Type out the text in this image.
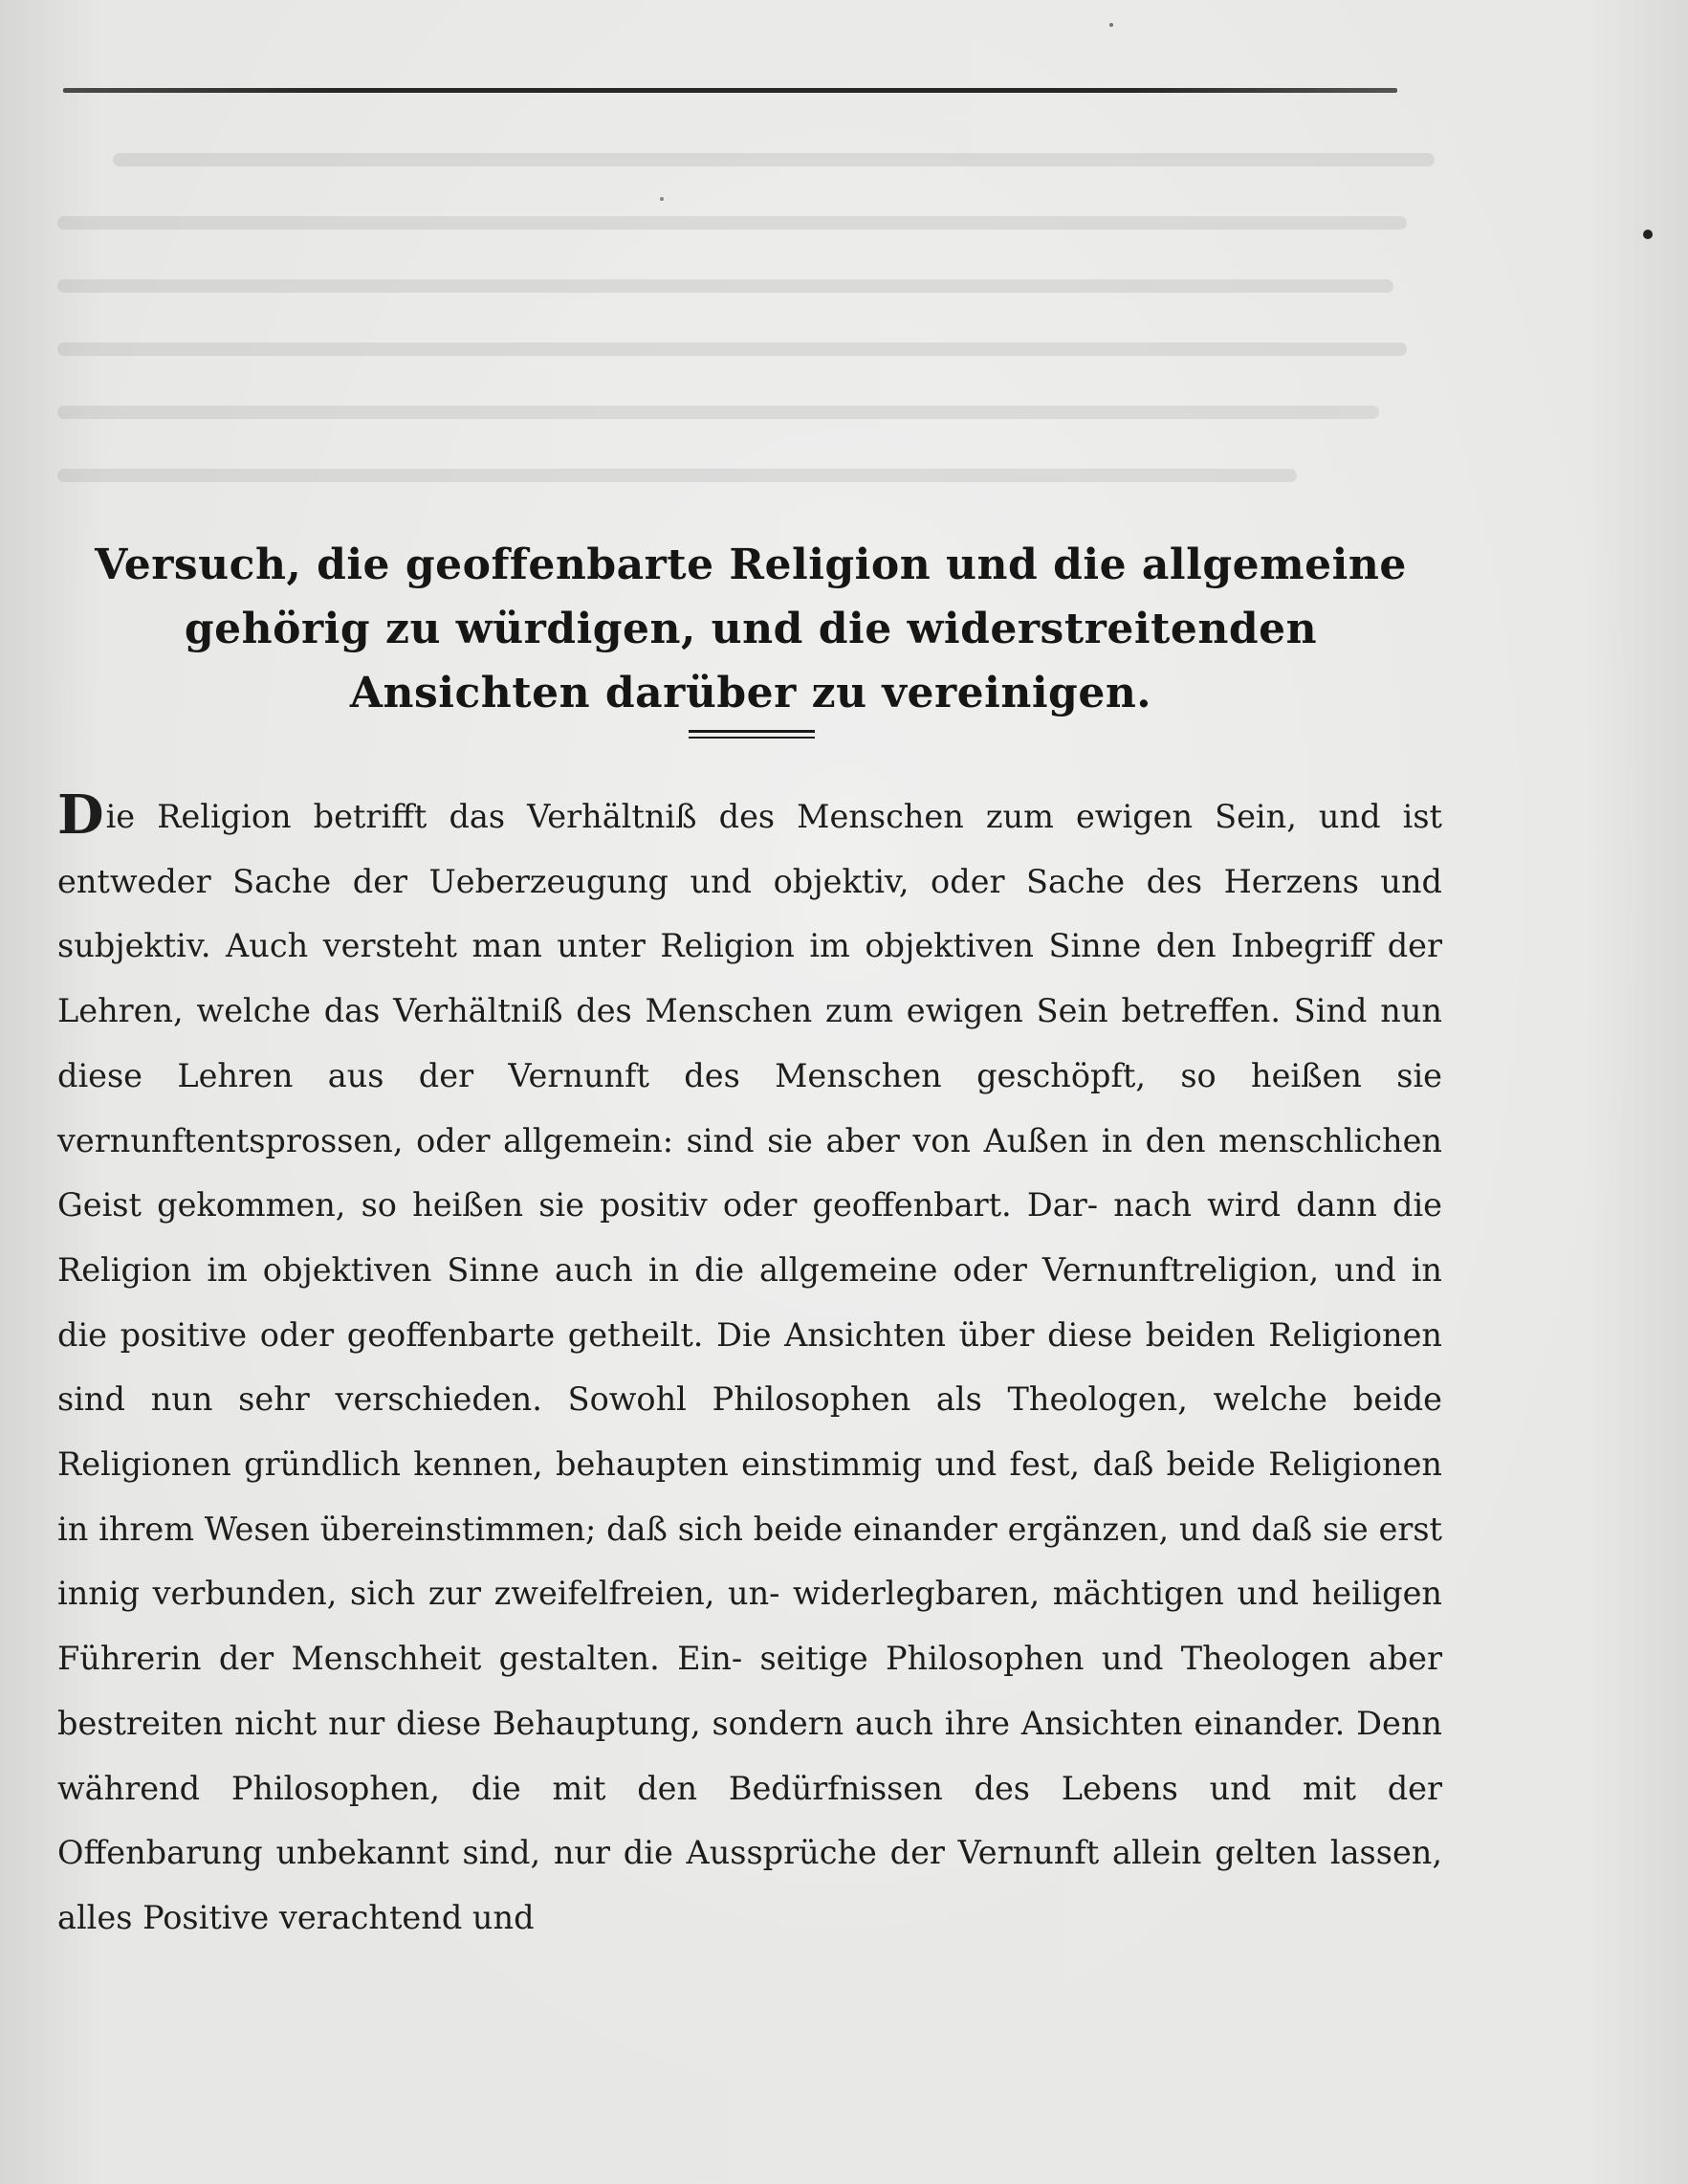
Versuch, die geoffenbarte Religion und die allgemeine gehörig zu würdigen, und die widerstreitenden Ansichten darüber zu vereinigen.
Die Religion betrifft das Verhältniß des Menschen zum ewigen Sein, und ist entweder Sache der Ueberzeugung und objektiv, oder Sache des Herzens und subjektiv. Auch versteht man unter Religion im objektiven Sinne den Inbegriff der Lehren, welche das Verhältniß des Menschen zum ewigen Sein betreffen. Sind nun diese Lehren aus der Vernunft des Menschen geschöpft, so heißen sie vernunftentsprossen, oder allgemein: sind sie aber von Außen in den menschlichen Geist gekommen, so heißen sie positiv oder geoffenbart. Dar- nach wird dann die Religion im objektiven Sinne auch in die allgemeine oder Vernunftreligion, und in die positive oder geoffenbarte getheilt. Die Ansichten über diese beiden Religionen sind nun sehr verschieden. Sowohl Philosophen als Theologen, welche beide Religionen gründlich kennen, behaupten einstimmig und fest, daß beide Religionen in ihrem Wesen übereinstimmen; daß sich beide einander ergänzen, und daß sie erst innig verbunden, sich zur zweifelfreien, un- widerlegbaren, mächtigen und heiligen Führerin der Menschheit gestalten. Ein- seitige Philosophen und Theologen aber bestreiten nicht nur diese Behauptung, sondern auch ihre Ansichten einander. Denn während Philosophen, die mit den Bedürfnissen des Lebens und mit der Offenbarung unbekannt sind, nur die Aussprüche der Vernunft allein gelten lassen, alles Positive verachtend und
